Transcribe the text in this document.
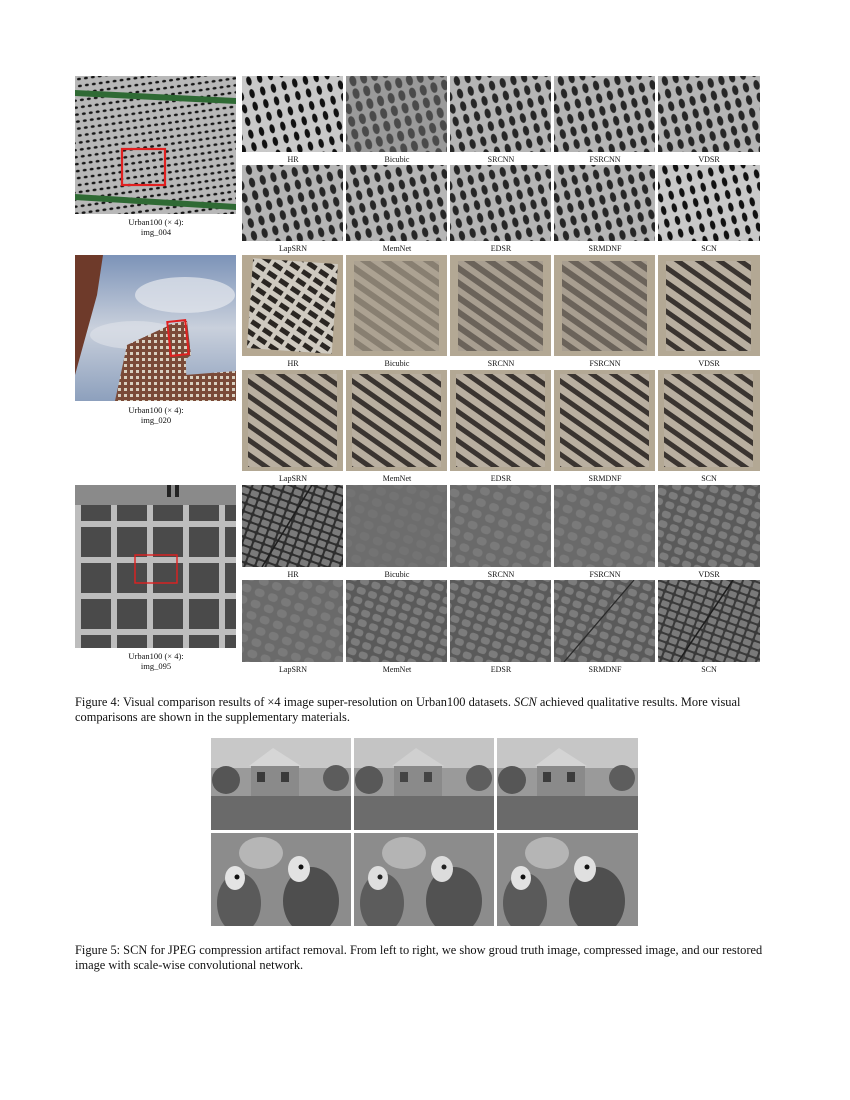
Urban100 (× 4):
img_004
HR	Bicubic	SRCNN	FSRCNN	VDSR
LapSRN	MemNet	EDSR	SRMDNF	SCN
Urban100 (× 4):
img_020
HR	Bicubic	SRCNN	FSRCNN	VDSR
LapSRN	MemNet	EDSR	SRMDNF	SCN
Urban100 (× 4):
img_095
HR	Bicubic	SRCNN	FSRCNN	VDSR
LapSRN	MemNet	EDSR	SRMDNF	SCN
Figure 4: Visual comparison results of ×4 image super-resolution on Urban100 datasets. SCN achieved qualitative results. More visual comparisons are shown in the supplementary materials.
Figure 5: SCN for JPEG compression artifact removal. From left to right, we show groud truth image, compressed image, and our restored image with scale-wise convolutional network.
